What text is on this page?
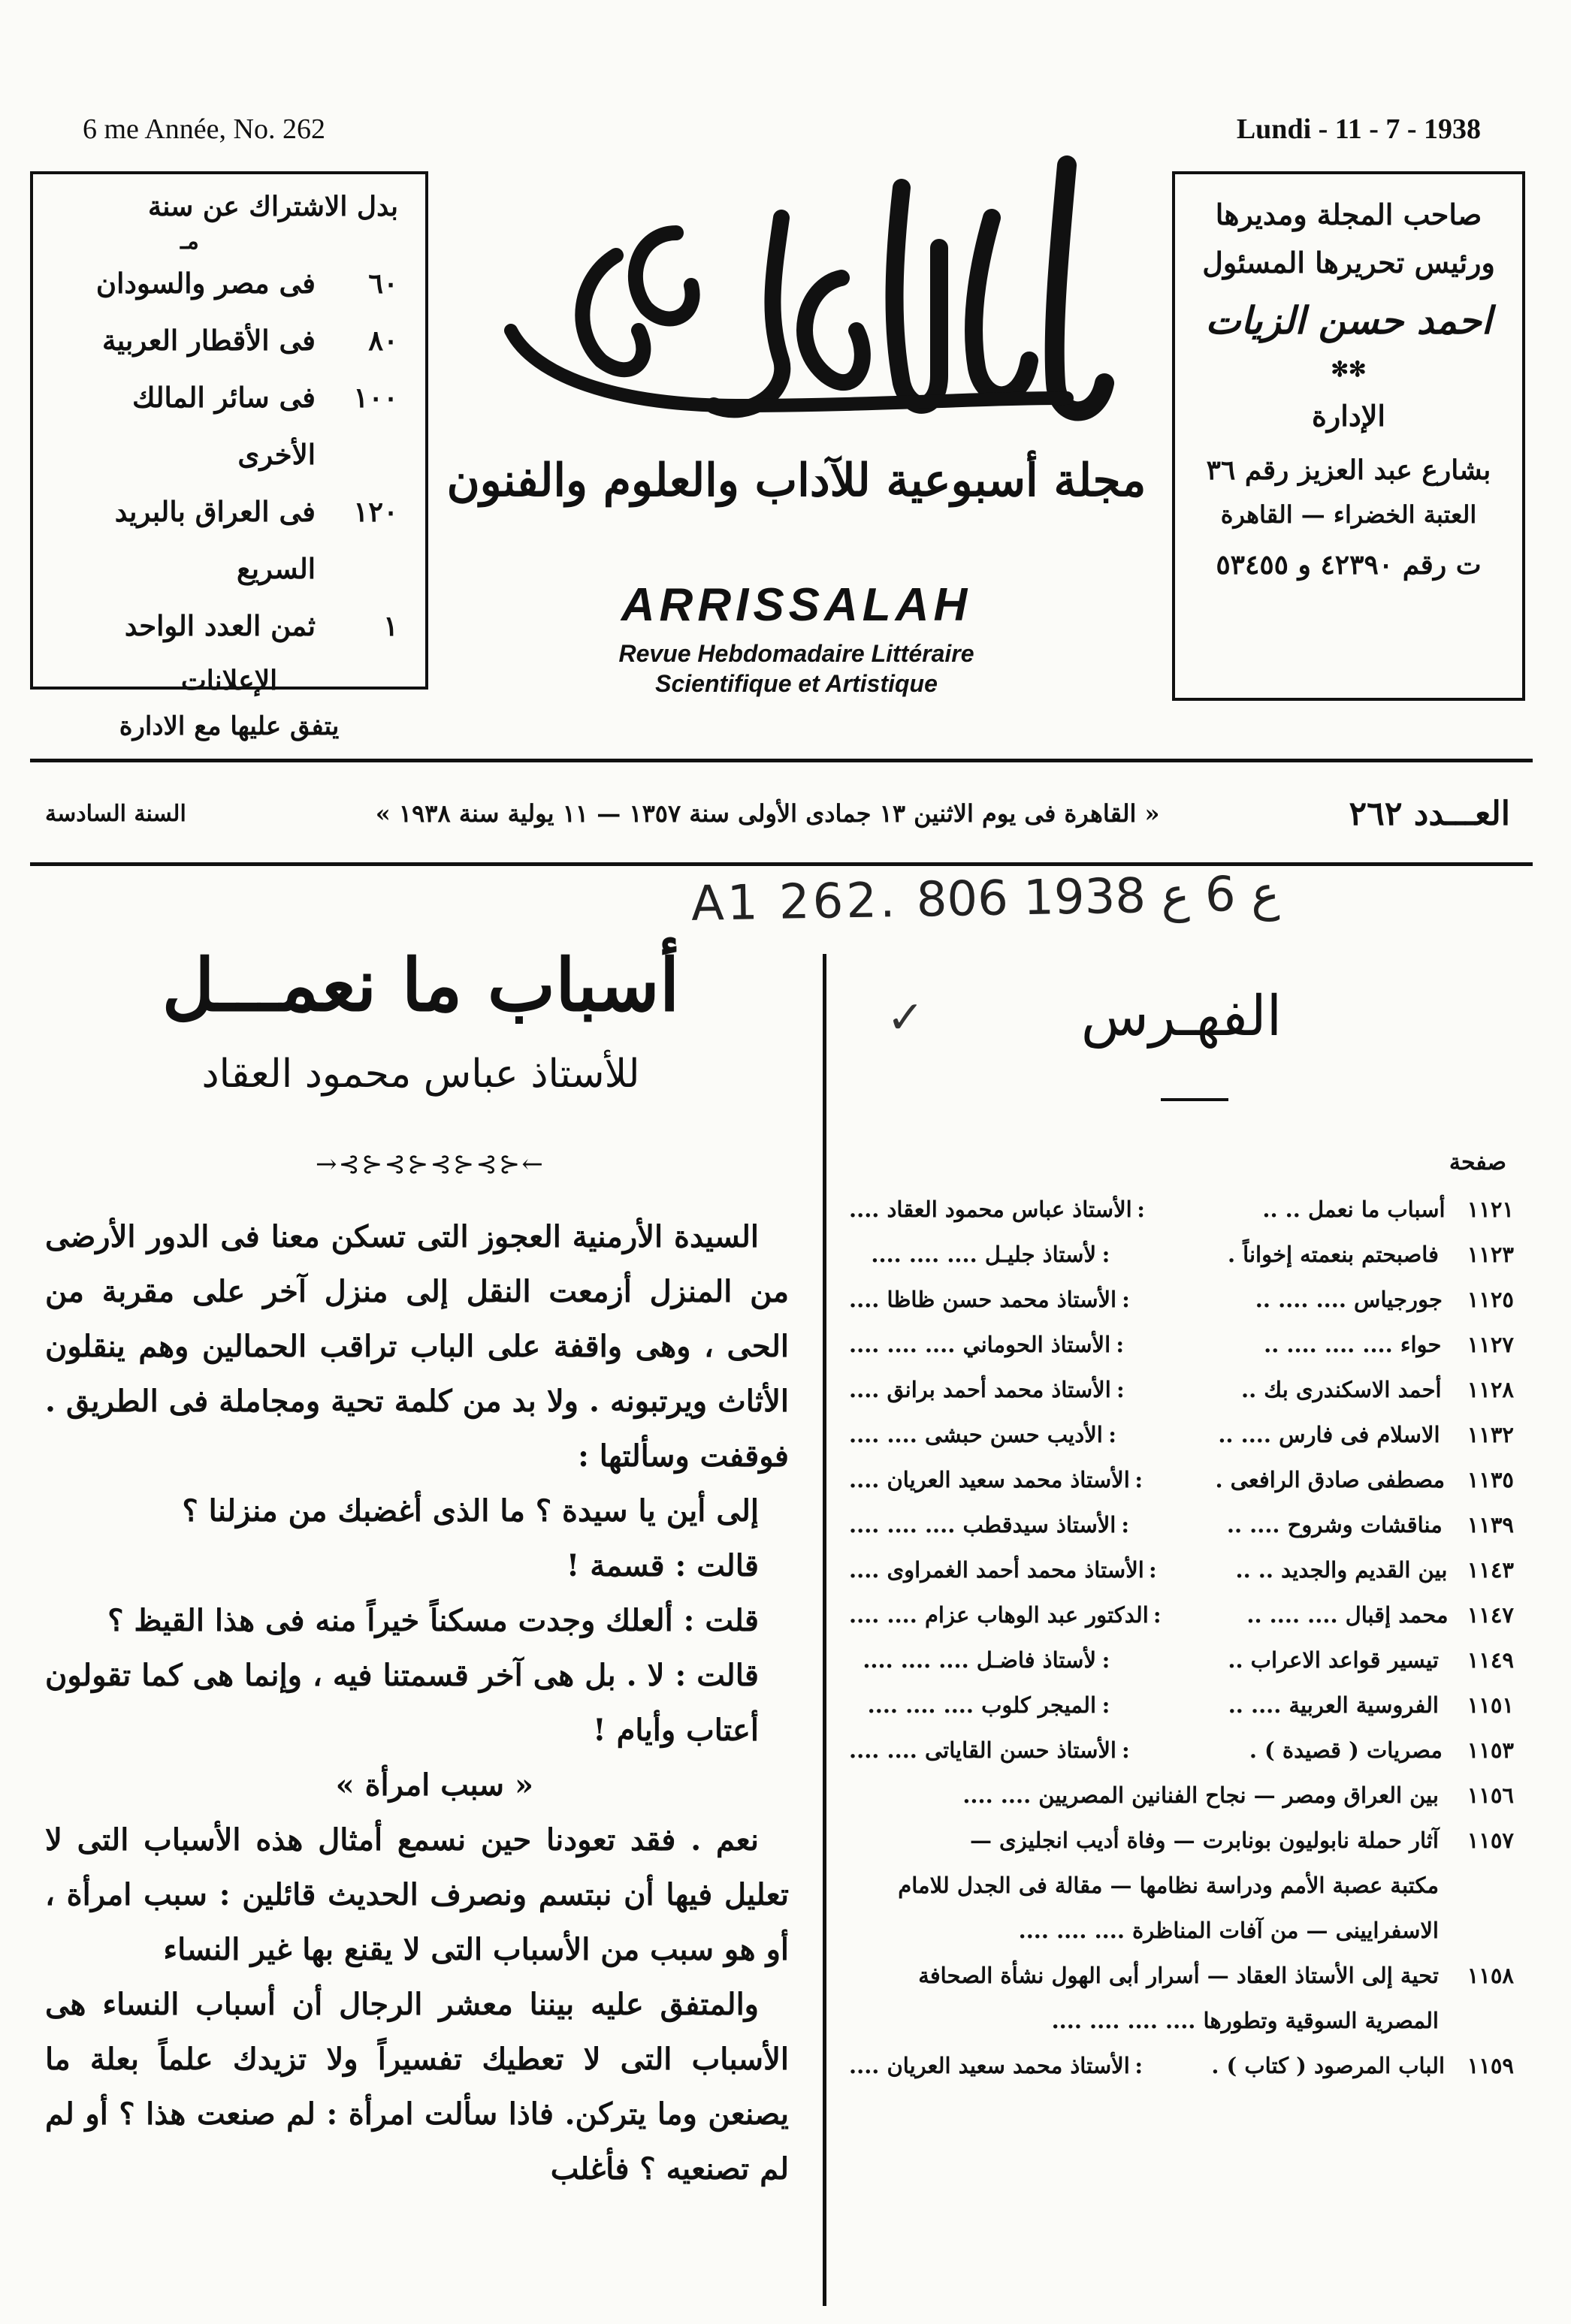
6 me Année, No. 262	Lundi - 11 - 7 - 1938
بدل الاشتراك عن سنة
مـ
٦٠
فى مصر والسودان
٨٠
فى الأقطار العربية
١٠٠
فى سائر المالك الأخرى
١٢٠
فى العراق بالبريد السريع
١
ثمن العدد الواحد
الإعلانات
يتفق عليها مع الادارة
مجلة أسبوعية للآداب والعلوم والفنون
ARRISSALAH
Revue Hebdomadaire Littéraire
Scientifique et Artistique
صاحب المجلة ومديرها
ورئيس تحريرها المسئول
احمد حسن الزيات
✻✻
الإدارة
بشارع عبد العزيز رقم ٣٦
العتبة الخضراء — القاهرة
ت رقم ٤٢٣٩٠ و ٥٣٤٥٥
العـــدد ٢٦٢
« القاهرة فى يوم الاثنين ١٣ جمادى الأولى سنة ١٣٥٧ — ١١ يولية سنة ١٩٣٨ »
السنة السادسة
A1 262. ع 6 ع 1938 806
✓	الفهـرس
صفحة
١١٢١
أسباب ما نعمل .. ..
:
الأستاذ عباس محمود العقاد ....
١١٢٣
فاصبحتم بنعمته إخواناً .
:
لأستاذ جليـل .... .... ....
١١٢٥
جورجياس .... .... ..
:
الأستاذ محمد حسن ظاظا ....
١١٢٧
حواء .... .... .... ..
:
الأستاذ الحوماني .... .... ....
١١٢٨
أحمد الاسكندرى بك ..
:
الأستاذ محمد أحمد برانق ....
١١٣٢
الاسلام فى فارس .... ..
:
الأديب حسن حبشى .... ....
١١٣٥
مصطفى صادق الرافعى .
:
الأستاذ محمد سعيد العريان ....
١١٣٩
مناقشات وشروح .... ..
:
الأستاذ سيدقطب .... .... ....
١١٤٣
بين القديم والجديد .. ..
:
الأستاذ محمد أحمد الغمراوى ....
١١٤٧
محمد إقبال .... .... ..
:
الدكتور عبد الوهاب عزام .... ....
١١٤٩
تيسير قواعد الاعراب ..
:
لأستاذ فاضـل .... .... ....
١١٥١
الفروسية العربية .... ..
:
الميجر كلوب .... .... ....
١١٥٣
مصريات ( قصيدة ) .
:
الأستاذ حسن القاياتى .... ....
١١٥٦
بين العراق ومصر — نجاح الفنانين المصريين .... ....
١١٥٧
آثار حملة نابوليون بونابرت — وفاة أديب انجليزى —
مكتبة عصبة الأمم ودراسة نظامها — مقالة فى الجدل للامام
الاسفرايينى — من آفات المناظرة .... .... ....
١١٥٨
تحية إلى الأستاذ العقاد — أسرار أبى الهول نشأة الصحافة
المصرية السوقية وتطورها .... .... .... ....
١١٥٩
الباب المرصود ( كتاب ) .
:
الأستاذ محمد سعيد العريان ....
أسباب ما نعمـــل
للأستاذ عباس محمود العقاد
→⊰⊱⊰⊱⊰⊱⊰⊱←

السيدة الأرمنية العجوز التى تسكن معنا فى الدور الأرضى من المنزل أزمعت النقل إلى منزل آخر على مقربة من الحى ، وهى واقفة على الباب تراقب الحمالين وهم ينقلون الأثاث ويرتبونه . ولا بد من كلمة تحية ومجاملة فى الطريق . فوقفت وسألتها :

إلى أين يا سيدة ؟ ما الذى أغضبك من منزلنا ؟

قالت : قسمة !

قلت : ألعلك وجدت مسكناً خيراً منه فى هذا القيظ ؟

قالت : لا . بل هى آخر قسمتنا فيه ، وإنما هى كما تقولون أعتاب وأيام !

« سبب امرأة »

نعم . فقد تعودنا حين نسمع أمثال هذه الأسباب التى لا تعليل فيها أن نبتسم ونصرف الحديث قائلين : سبب امرأة ، أو هو سبب من الأسباب التى لا يقنع بها غير النساء

والمتفق عليه بيننا معشر الرجال أن أسباب النساء هى الأسباب التى لا تعطيك تفسيراً ولا تزيدك علماً بعلة ما يصنعن وما يتركن. فاذا سألت امرأة : لم صنعت هذا ؟ أو لم لم تصنعيه ؟ فأغلب
